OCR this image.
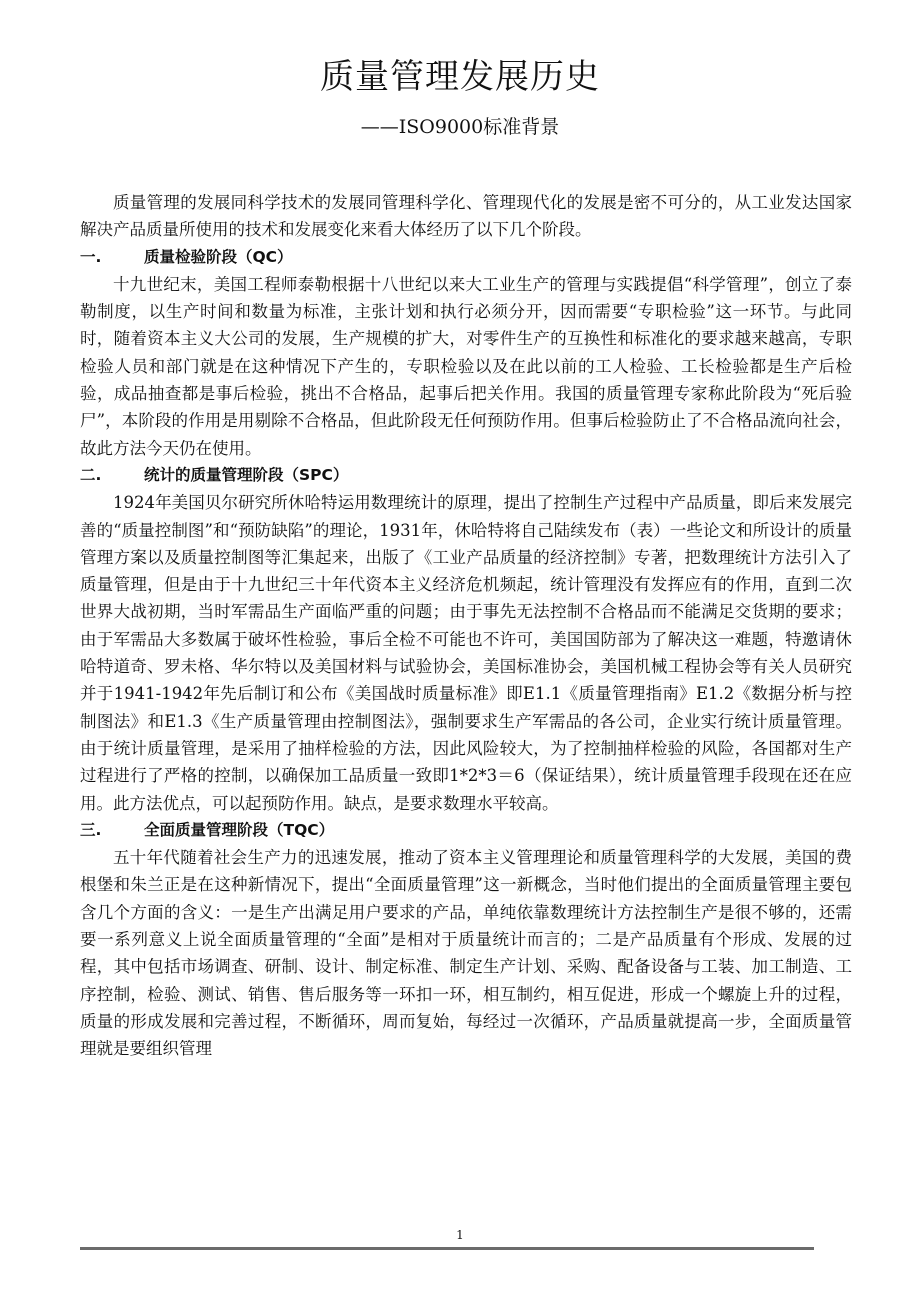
质量管理发展历史
——ISO9000标准背景

质量管理的发展同科学技术的发展同管理科学化、管理现代化的发展是密不可分的，从工业发达国家解决产品质量所使用的技术和发展变化来看大体经历了以下几个阶段。

一.	质量检验阶段（QC）

十九世纪末，美国工程师泰勒根据十八世纪以来大工业生产的管理与实践提倡“科学管理”，创立了泰勒制度，以生产时间和数量为标准，主张计划和执行必须分开，因而需要“专职检验”这一环节。与此同时，随着资本主义大公司的发展，生产规模的扩大，对零件生产的互换性和标准化的要求越来越高，专职检验人员和部门就是在这种情况下产生的，专职检验以及在此以前的工人检验、工长检验都是生产后检验，成品抽查都是事后检验，挑出不合格品，起事后把关作用。我国的质量管理专家称此阶段为“死后验尸”，本阶段的作用是用剔除不合格品，但此阶段无任何预防作用。但事后检验防止了不合格品流向社会，故此方法今天仍在使用。

二.	统计的质量管理阶段（SPC）

1924年美国贝尔研究所休哈特运用数理统计的原理，提出了控制生产过程中产品质量，即后来发展完善的“质量控制图”和“预防缺陷”的理论，1931年，休哈特将自己陆续发布（表）一些论文和所设计的质量管理方案以及质量控制图等汇集起来，出版了《工业产品质量的经济控制》专著，把数理统计方法引入了质量管理，但是由于十九世纪三十年代资本主义经济危机频起，统计管理没有发挥应有的作用，直到二次世界大战初期，当时军需品生产面临严重的问题；由于事先无法控制不合格品而不能满足交货期的要求；由于军需品大多数属于破坏性检验，事后全检不可能也不许可，美国国防部为了解决这一难题，特邀请休哈特道奇、罗未格、华尔特以及美国材料与试验协会，美国标准协会，美国机械工程协会等有关人员研究并于1941-1942年先后制订和公布《美国战时质量标准》即E1.1《质量管理指南》E1.2《数据分析与控制图法》和E1.3《生产质量管理由控制图法》，强制要求生产军需品的各公司，企业实行统计质量管理。由于统计质量管理，是采用了抽样检验的方法，因此风险较大，为了控制抽样检验的风险，各国都对生产过程进行了严格的控制，以确保加工品质量一致即1*2*3＝6（保证结果），统计质量管理手段现在还在应用。此方法优点，可以起预防作用。缺点，是要求数理水平较高。

三.	全面质量管理阶段（TQC）

五十年代随着社会生产力的迅速发展，推动了资本主义管理理论和质量管理科学的大发展，美国的费根堡和朱兰正是在这种新情况下，提出“全面质量管理”这一新概念，当时他们提出的全面质量管理主要包含几个方面的含义：一是生产出满足用户要求的产品，单纯依靠数理统计方法控制生产是很不够的，还需要一系列意义上说全面质量管理的“全面”是相对于质量统计而言的；二是产品质量有个形成、发展的过程，其中包括市场调查、研制、设计、制定标准、制定生产计划、采购、配备设备与工装、加工制造、工序控制，检验、测试、销售、售后服务等一环扣一环，相互制约，相互促进，形成一个螺旋上升的过程，质量的形成发展和完善过程，不断循环，周而复始，每经过一次循环，产品质量就提高一步，全面质量管理就是要组织管理

1
